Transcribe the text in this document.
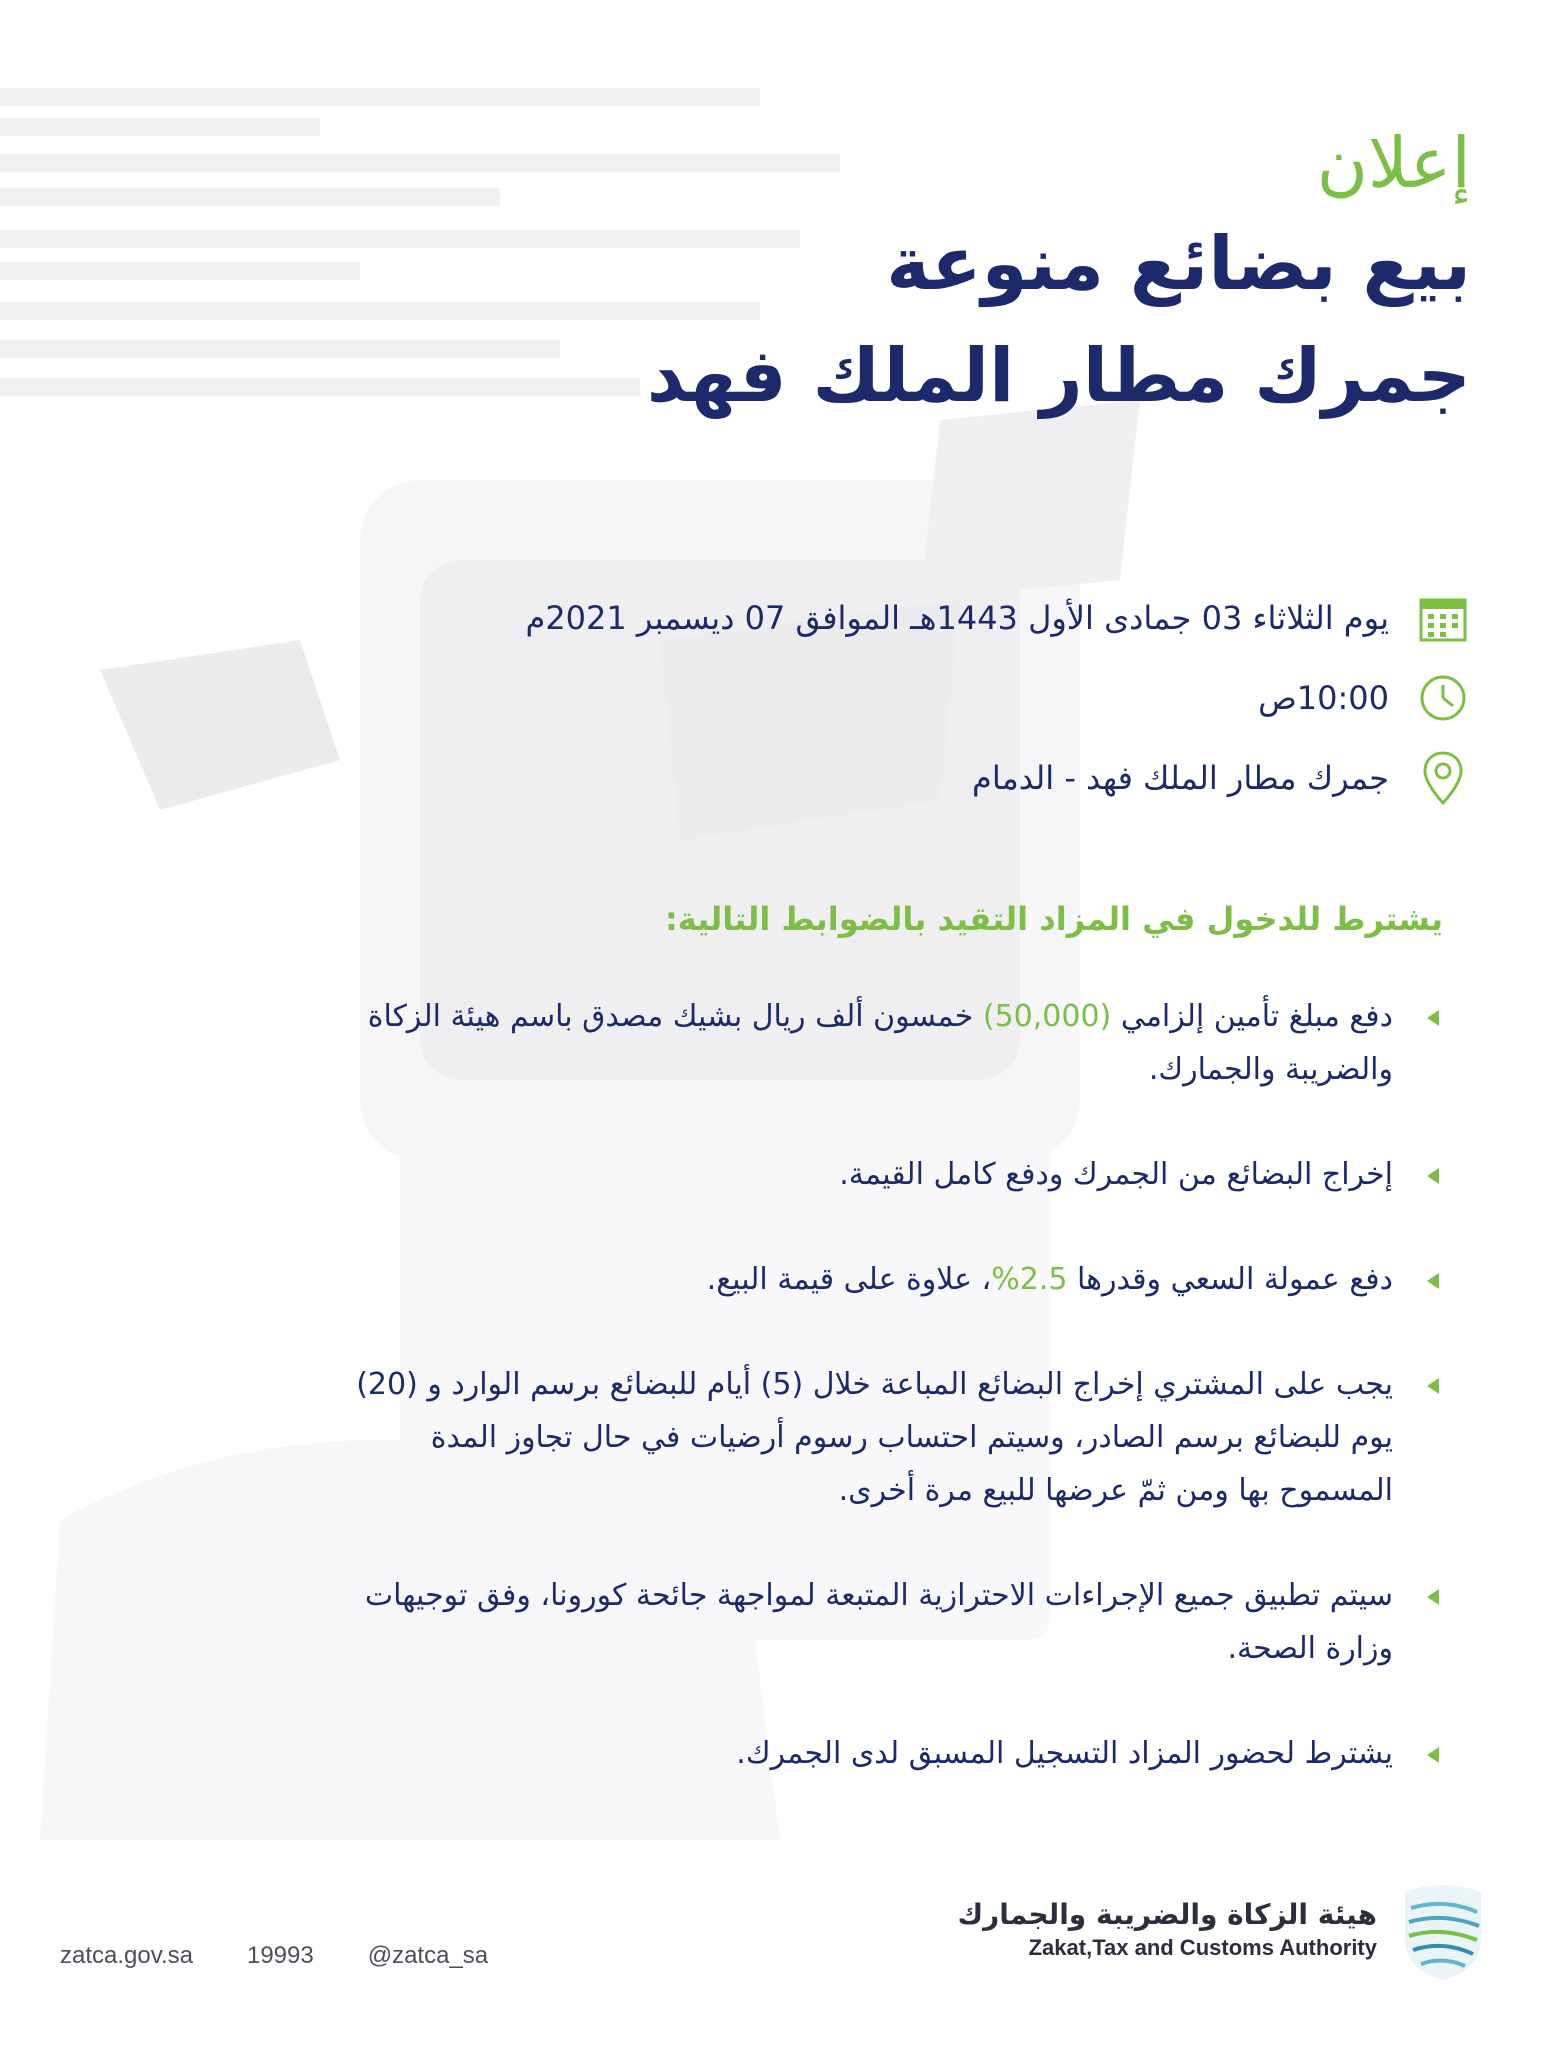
إعلان
بيع بضائع منوعة
جمرك مطار الملك فهد
يوم الثلاثاء 03 جمادى الأول 1443هـ الموافق 07 ديسمبر 2021م
10:00ص
جمرك مطار الملك فهد - الدمام
يشترط للدخول في المزاد التقيد بالضوابط التالية:
دفع مبلغ تأمين إلزامي (50,000) خمسون ألف ريال بشيك مصدق باسم هيئة الزكاة والضريبة والجمارك.
إخراج البضائع من الجمرك ودفع كامل القيمة.
دفع عمولة السعي وقدرها 2.5%، علاوة على قيمة البيع.
يجب على المشتري إخراج البضائع المباعة خلال (5) أيام للبضائع برسم الوارد و (20) يوم للبضائع برسم الصادر، وسيتم احتساب رسوم أرضيات في حال تجاوز المدة المسموح بها ومن ثمّ عرضها للبيع مرة أخرى.
سيتم تطبيق جميع الإجراءات الاحترازية المتبعة لمواجهة جائحة كورونا، وفق توجيهات وزارة الصحة.
يشترط لحضور المزاد التسجيل المسبق لدى الجمرك.
zatca.gov.sa 19993 @zatca_sa
هيئة الزكاة والضريبة والجمارك
Zakat,Tax and Customs Authority
